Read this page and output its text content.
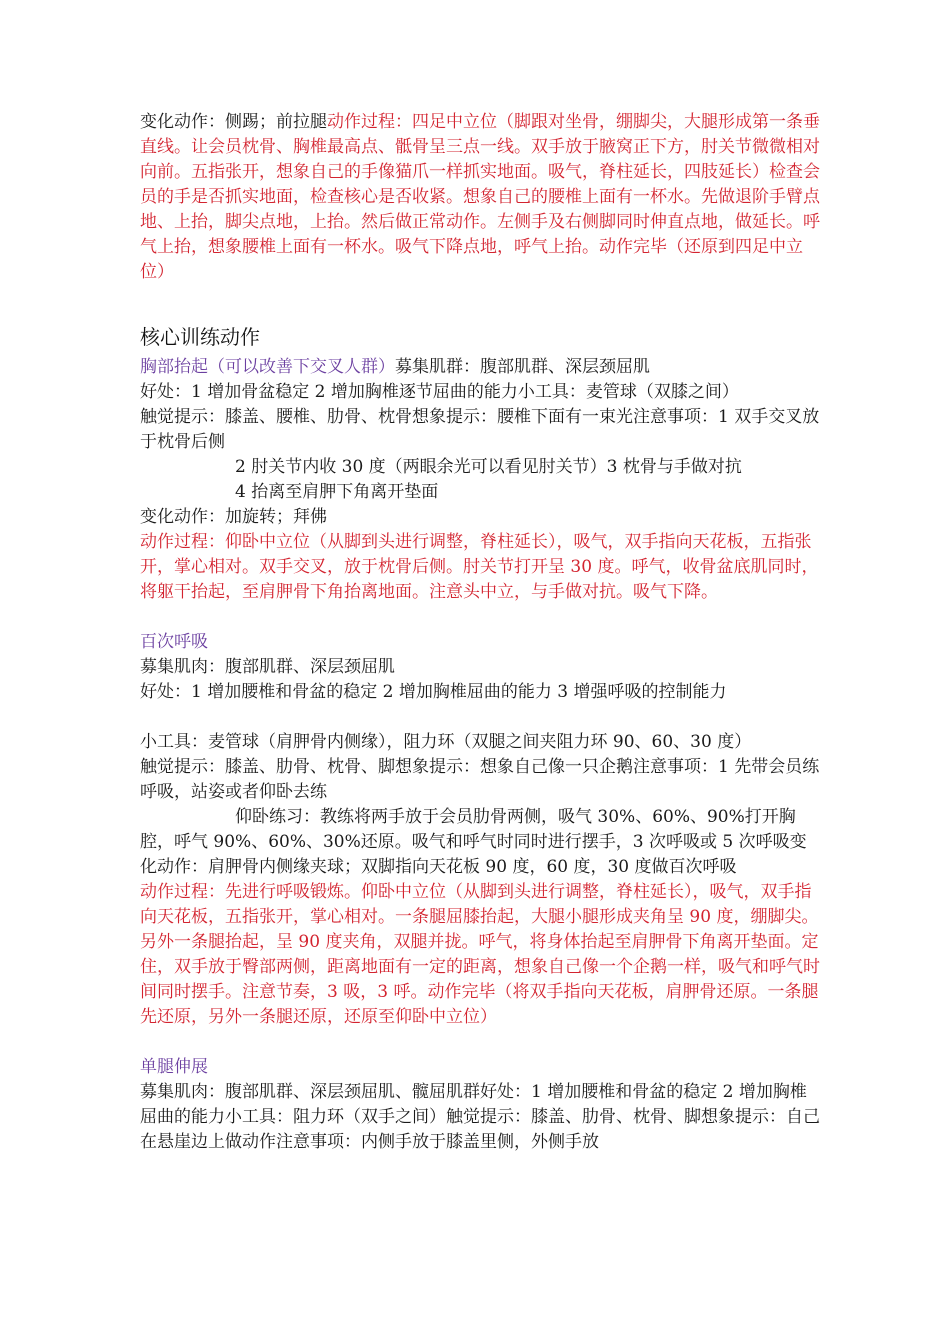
变化动作：侧踢；前拉腿动作过程：四足中立位（脚跟对坐骨，绷脚尖，大腿形成第一条垂直线。让会员枕骨、胸椎最高点、骶骨呈三点一线。双手放于腋窝正下方，肘关节微微相对向前。五指张开，想象自己的手像猫爪一样抓实地面。吸气，脊柱延长，四肢延长）检查会员的手是否抓实地面，检查核心是否收紧。想象自己的腰椎上面有一杯水。先做退阶手臂点地、上抬，脚尖点地，上抬。然后做正常动作。左侧手及右侧脚同时伸直点地，做延长。呼气上抬，想象腰椎上面有一杯水。吸气下降点地，呼气上抬。动作完毕（还原到四足中立位）

核心训练动作

胸部抬起（可以改善下交叉人群）募集肌群：腹部肌群、深层颈屈肌

好处：1 增加骨盆稳定 2 增加胸椎逐节屈曲的能力小工具：麦管球（双膝之间）

触觉提示：膝盖、腰椎、肋骨、枕骨想象提示：腰椎下面有一束光注意事项：1 双手交叉放于枕骨后侧

2 肘关节内收 30 度（两眼余光可以看见肘关节）3 枕骨与手做对抗

4 抬离至肩胛下角离开垫面

变化动作：加旋转；拜佛

动作过程：仰卧中立位（从脚到头进行调整，脊柱延长），吸气，双手指向天花板，五指张开，掌心相对。双手交叉，放于枕骨后侧。肘关节打开呈 30 度。呼气，收骨盆底肌同时，将躯干抬起，至肩胛骨下角抬离地面。注意头中立，与手做对抗。吸气下降。

百次呼吸

募集肌肉：腹部肌群、深层颈屈肌

好处：1 增加腰椎和骨盆的稳定 2 增加胸椎屈曲的能力 3 增强呼吸的控制能力

小工具：麦管球（肩胛骨内侧缘），阻力环（双腿之间夹阻力环 90、60、30 度）

触觉提示：膝盖、肋骨、枕骨、脚想象提示：想象自己像一只企鹅注意事项：1 先带会员练呼吸，站姿或者仰卧去练

仰卧练习：教练将两手放于会员肋骨两侧，吸气 30%、60%、90%打开胸腔，呼气 90%、60%、30%还原。吸气和呼气时同时进行摆手，3 次呼吸或 5 次呼吸变化动作：肩胛骨内侧缘夹球；双脚指向天花板 90 度，60 度，30 度做百次呼吸

动作过程：先进行呼吸锻炼。仰卧中立位（从脚到头进行调整，脊柱延长），吸气，双手指向天花板，五指张开，掌心相对。一条腿屈膝抬起，大腿小腿形成夹角呈 90 度，绷脚尖。另外一条腿抬起，呈 90 度夹角，双腿并拢。呼气，将身体抬起至肩胛骨下角离开垫面。定住，双手放于臀部两侧，距离地面有一定的距离，想象自己像一个企鹅一样，吸气和呼气时间同时摆手。注意节奏，3 吸，3 呼。动作完毕（将双手指向天花板，肩胛骨还原。一条腿先还原，另外一条腿还原，还原至仰卧中立位）

单腿伸展

募集肌肉：腹部肌群、深层颈屈肌、髋屈肌群好处：1 增加腰椎和骨盆的稳定 2 增加胸椎屈曲的能力小工具：阻力环（双手之间）触觉提示：膝盖、肋骨、枕骨、脚想象提示：自己在悬崖边上做动作注意事项：内侧手放于膝盖里侧，外侧手放
